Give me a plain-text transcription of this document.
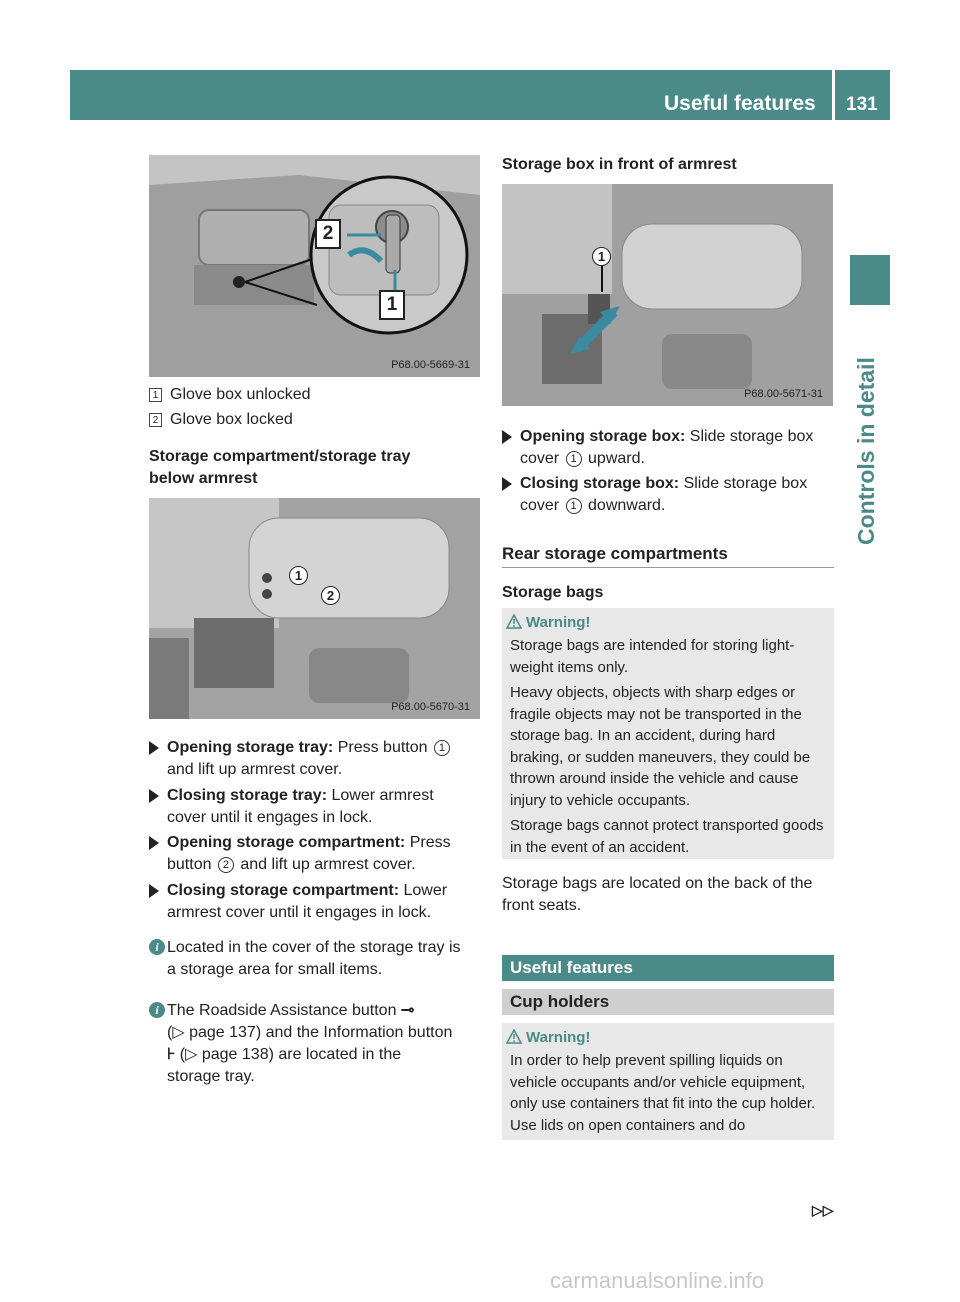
Useful features 131
Controls in detail
2
1
P68.00-5669-31
1 Glove box unlocked
2 Glove box locked
Storage compartment/storage tray
below armrest
1
2
P68.00-5670-31
Opening storage tray: Press button 1
and lift up armrest cover.
Closing storage tray: Lower armrest
cover until it engages in lock.
Opening storage compartment: Press
button 2 and lift up armrest cover.
Closing storage compartment: Lower
armrest cover until it engages in lock.
i Located in the cover of the storage tray is
a storage area for small items.
i The Roadside Assistance button ⊸
(▷ page 137) and the Information button
⊦ (▷ page 138) are located in the
storage tray.
Storage box in front of armrest
1
P68.00-5671-31
Opening storage box: Slide storage box
cover 1 upward.
Closing storage box: Slide storage box
cover 1 downward.
Rear storage compartments
Storage bags
Warning!

Storage bags are intended for storing light-weight items only.

Heavy objects, objects with sharp edges or fragile objects may not be transported in the storage bag. In an accident, during hard braking, or sudden maneuvers, they could be thrown around inside the vehicle and cause injury to vehicle occupants.

Storage bags cannot protect transported goods in the event of an accident.

Storage bags are located on the back of the front seats.
Useful features
Cup holders
Warning!

In order to help prevent spilling liquids on vehicle occupants and/or vehicle equipment, only use containers that fit into the cup holder. Use lids on open containers and do

▷▷
carmanualsonline.info
